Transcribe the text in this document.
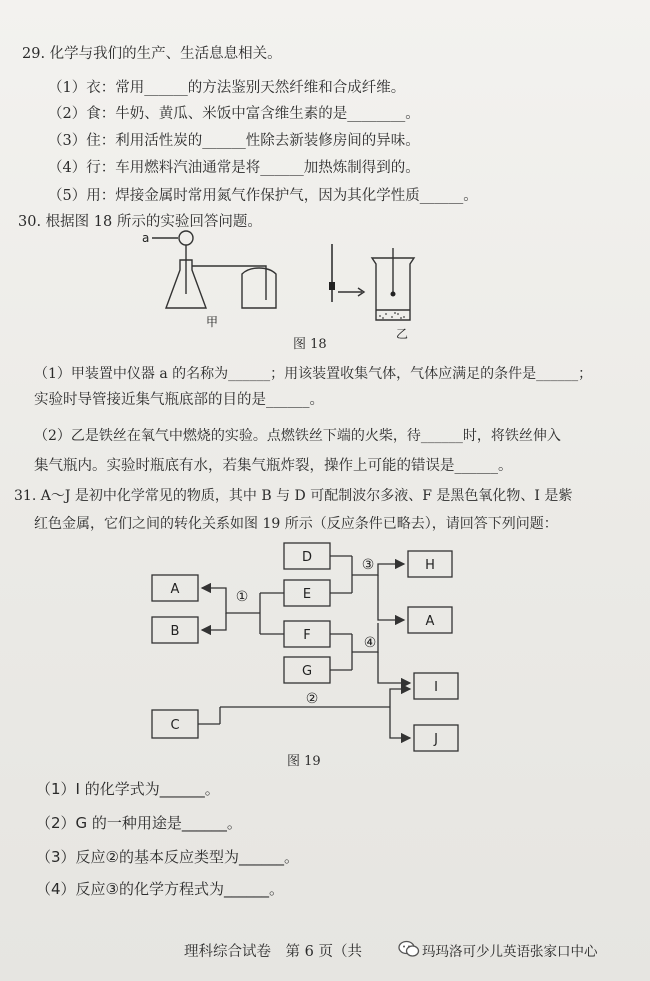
29. 化学与我们的生产、生活息息相关。
（1）衣：常用______的方法鉴别天然纤维和合成纤维。
（2）食：牛奶、黄瓜、米饭中富含维生素的是________。
（3）住：利用活性炭的______性除去新装修房间的异味。
（4）行：车用燃料汽油通常是将______加热炼制得到的。
（5）用：焊接金属时常用氮气作保护气，因为其化学性质______。
30. 根据图 18 所示的实验回答问题。
a
甲
乙
图 18
（1）甲装置中仪器 a 的名称为______；用该装置收集气体，气体应满足的条件是______；
实验时导管接近集气瓶底部的目的是______。
（2）乙是铁丝在氧气中燃烧的实验。点燃铁丝下端的火柴，待______时，将铁丝伸入
集气瓶内。实验时瓶底有水，若集气瓶炸裂，操作上可能的错误是______。
31. A～J 是初中化学常见的物质，其中 B 与 D 可配制波尔多液、F 是黑色氧化物、I 是紫
红色金属，它们之间的转化关系如图 19 所示（反应条件已略去），请回答下列问题：
A
B
C
D
E
F
G
H
A
I
J
①
②
③
④
图 19
（1）I 的化学式为______。
（2）G 的一种用途是______。
（3）反应②的基本反应类型为______。
（4）反应③的化学方程式为______。
理科综合试卷　第 6 页（共	玛玛洛可少儿英语张家口中心
